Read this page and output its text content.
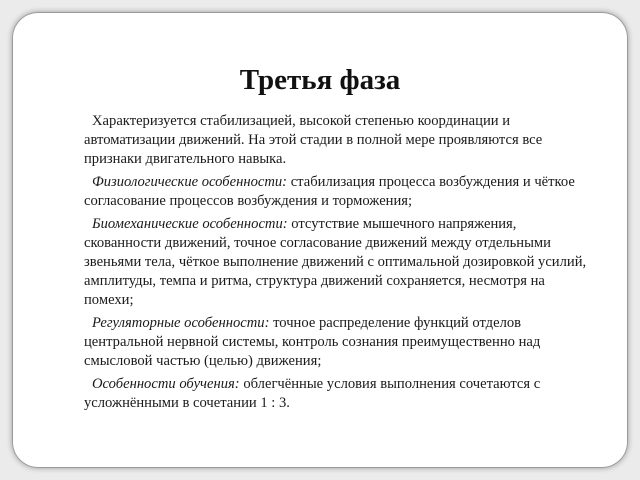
Третья фаза

Характеризуется стабилизацией, высокой степенью координации и автоматизации движений. На этой стадии в полной мере проявляются все признаки двигательного навыка.

Физиологические особенности: стабилизация процесса возбуждения и чёткое согласование процессов возбуждения и торможения;

Биомеханические особенности: отсутствие мышечного напряжения, скованности движений, точное согласование движений между отдельными звеньями тела, чёткое выполнение движений с оптимальной дозировкой усилий, амплитуды, темпа и ритма, структура движений сохраняется, несмотря на помехи;

Регуляторные особенности: точное распределение функций отделов центральной нервной системы, контроль сознания преимущественно над смысловой частью (целью) движения;

Особенности обучения: облегчённые условия выполнения сочетаются с усложнёнными в сочетании 1 : 3.
